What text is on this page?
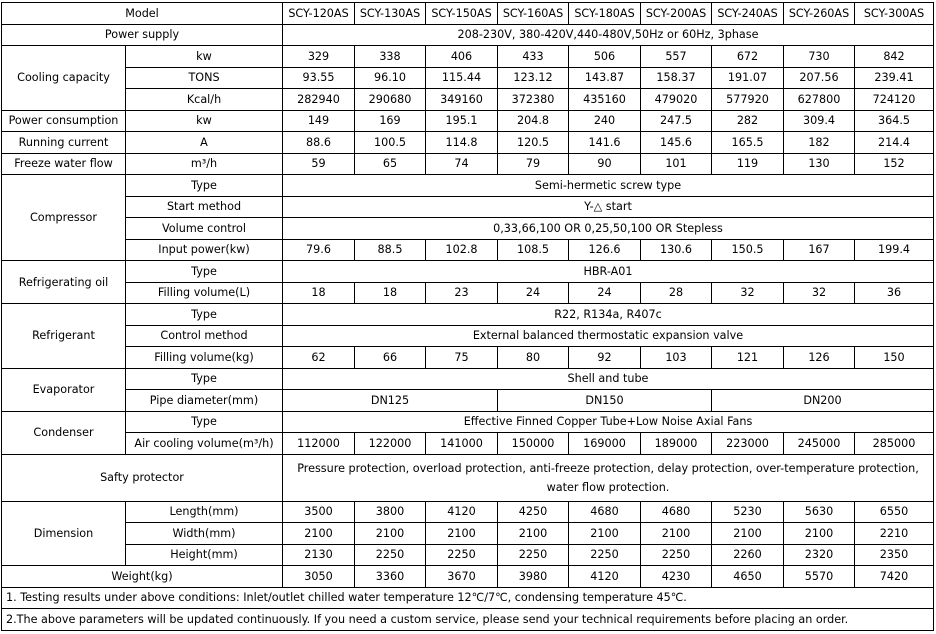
Model		SCY-120AS	SCY-130AS	SCY-150AS	SCY-160AS	SCY-180AS	SCY-200AS	SCY-240AS	SCY-260AS	SCY-300AS
Power supply		208-230V, 380-420V,440-480V,50Hz or 60Hz, 3phase								
Cooling capacity	kw	329	338	406	433	506	557	672	730	842
	TONS	93.55	96.10	115.44	123.12	143.87	158.37	191.07	207.56	239.41
	Kcal/h	282940	290680	349160	372380	435160	479020	577920	627800	724120
Power consumption	kw	149	169	195.1	204.8	240	247.5	282	309.4	364.5
Running current	A	88.6	100.5	114.8	120.5	141.6	145.6	165.5	182	214.4
Freeze water flow	m³/h	59	65	74	79	90	101	119	130	152
Compressor	Type	Semi-hermetic screw type								
	Start method	Y-△ start								
	Volume control	0,33,66,100 OR 0,25,50,100 OR Stepless								
	Input power(kw)	79.6	88.5	102.8	108.5	126.6	130.6	150.5	167	199.4
Refrigerating oil	Type	HBR-A01								
	Filling volume(L)	18	18	23	24	24	28	32	32	36
Refrigerant	Type	R22, R134a, R407c								
	Control method	External balanced thermostatic expansion valve								
	Filling volume(kg)	62	66	75	80	92	103	121	126	150
Evaporator	Type	Shell and tube								
	Pipe diameter(mm)	DN125			DN150			DN200		
Condenser	Type	Effective Finned Copper Tube+Low Noise Axial Fans								
	Air cooling volume(m³/h)	112000	122000	141000	150000	169000	189000	223000	245000	285000
Safty protector		Pressure protection, overload protection, anti-freeze protection, delay protection, over-temperature protection, water flow protection.								
Dimension	Length(mm)	3500	3800	4120	4250	4680	4680	5230	5630	6550
	Width(mm)	2100	2100	2100	2100	2100	2100	2100	2100	2210
	Height(mm)	2130	2250	2250	2250	2250	2250	2260	2320	2350
Weight(kg)		3050	3360	3670	3980	4120	4230	4650	5570	7420
1. Testing results under above conditions: Inlet/outlet chilled water temperature 12℃/7℃, condensing temperature 45℃.										
2.The above parameters will be updated continuously. If you need a custom service, please send your technical requirements before placing an order.										
